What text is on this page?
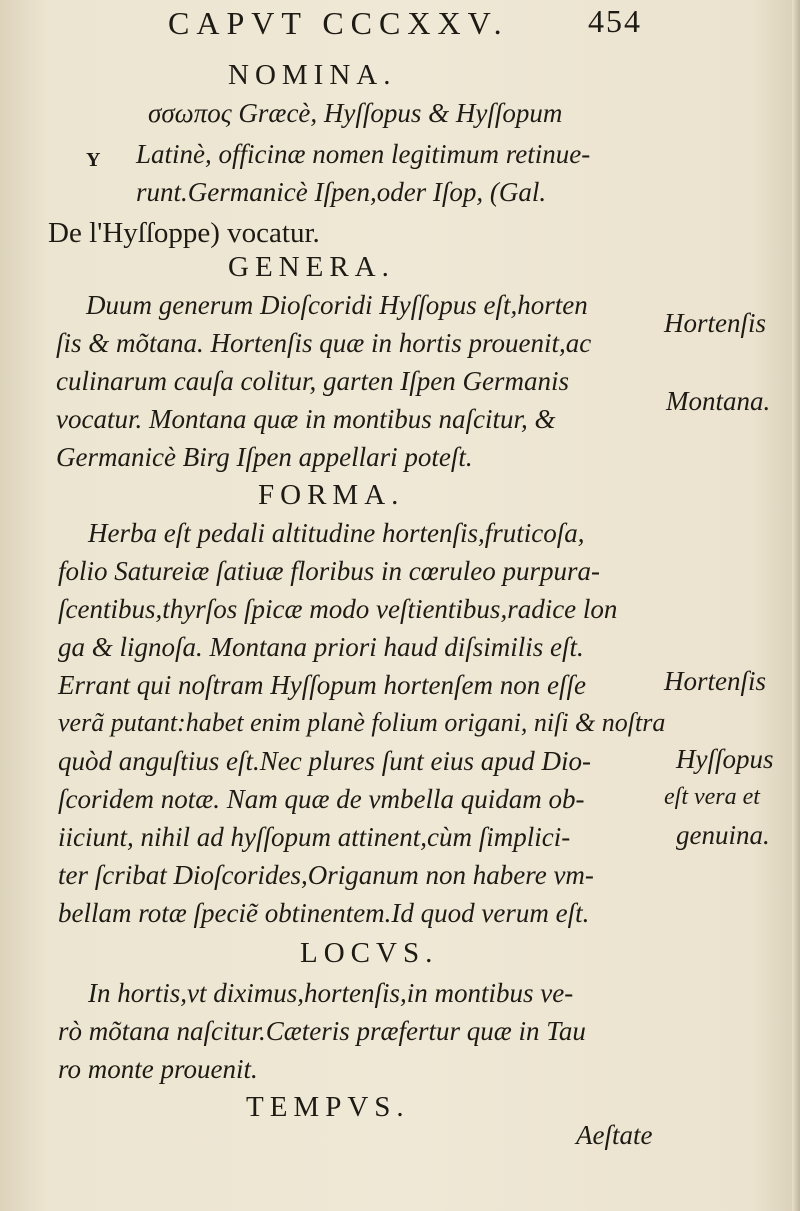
CAPVT CCCXXV. 454
NOMINA.
σσωπος Græcè, Hyſſopus & Hyſſopum
Y Latinè, officinæ nomen legitimum retinue-
runt.Germanicè Iſpen,oder Iſop, (Gal.
De l'Hyſſoppe) vocatur.
GENERA.
Duum generum Dioſcoridi Hyſſopus eſt,horten
ſis & mõtana. Hortenſis quæ in hortis prouenit,ac
culinarum cauſa colitur, garten Iſpen Germanis
vocatur. Montana quæ in montibus naſcitur, &
Germanicè Birg Iſpen appellari poteſt.
Hortenſis
Montana.
FORMA.
Herba eſt pedali altitudine hortenſis,fruticoſa,
folio Satureiæ ſatiuæ floribus in cœruleo purpura-
ſcentibus,thyrſos ſpicæ modo veſtientibus,radice lon
ga & lignoſa. Montana priori haud diſsimilis eſt.
Errant qui noſtram Hyſſopum hortenſem non eſſe
verã putant:habet enim planè folium origani, niſi & noſtra
quòd anguſtius eſt.Nec plures ſunt eius apud Dio-
ſcoridem notæ. Nam quæ de vmbella quidam ob-
iiciunt, nihil ad hyſſopum attinent,cùm ſimplici-
ter ſcribat Dioſcorides,Origanum non habere vm-
bellam rotæ ſpeciẽ obtinentem.Id quod verum eſt.
Hortenſis
Hyſſopus
eſt vera et
genuina.
LOCVS.
In hortis,vt diximus,hortenſis,in montibus ve-
rò mõtana naſcitur.Cæteris præfertur quæ in Tau
ro monte prouenit.
TEMPVS.
Aeſtate
